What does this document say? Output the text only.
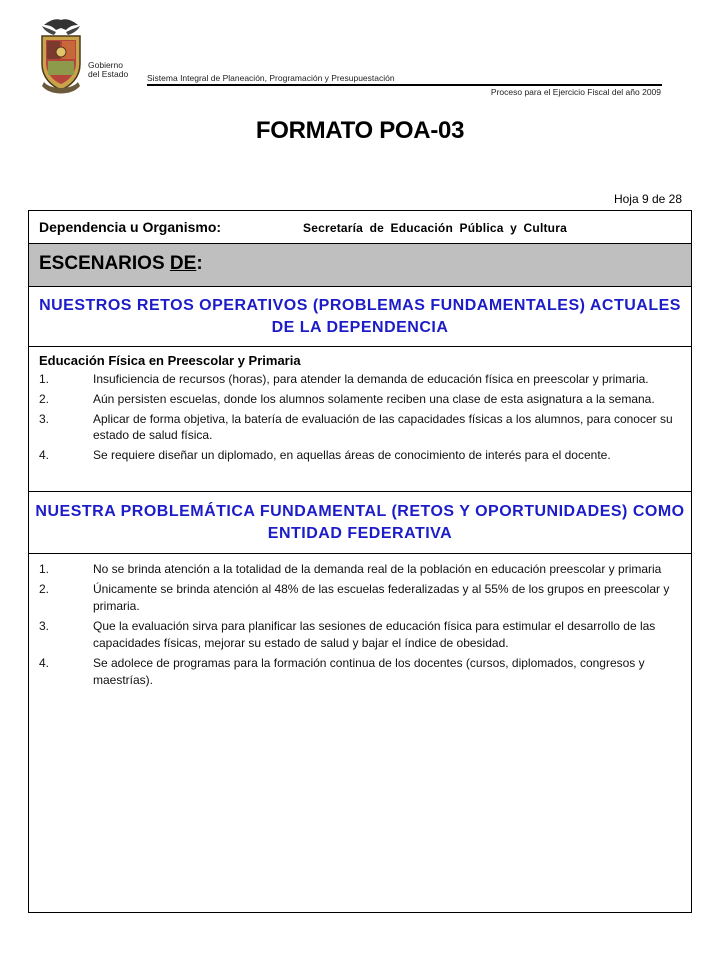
Gobierno
del Estado Sistema Integral de Planeación, Programación y Presupuestación
Proceso para el Ejercicio Fiscal del año 2009
FORMATO POA-03
Hoja 9 de 28
Dependencia u Organismo:	Secretaría de Educación Pública y Cultura
ESCENARIOS DE:
NUESTROS RETOS OPERATIVOS (PROBLEMAS FUNDAMENTALES) ACTUALES DE LA DEPENDENCIA
Educación Física en Preescolar y Primaria
1.	Insuficiencia de recursos (horas), para atender la demanda de educación física en preescolar y primaria.
2.	Aún persisten escuelas, donde los alumnos solamente reciben una clase de esta asignatura a la semana.
3.	Aplicar de forma objetiva, la batería de evaluación de las capacidades físicas a los alumnos, para conocer su estado de salud física.
4.	Se requiere diseñar un diplomado, en aquellas áreas de conocimiento de interés para el docente.
NUESTRA PROBLEMÁTICA FUNDAMENTAL (RETOS Y OPORTUNIDADES) COMO ENTIDAD FEDERATIVA
1.	No se brinda atención a la totalidad de la demanda real de la población en educación preescolar y primaria
2.	Únicamente se brinda atención al 48% de las escuelas federalizadas y al 55% de los grupos en preescolar y primaria.
3.	Que la evaluación sirva para planificar las sesiones de educación física para estimular el desarrollo de las capacidades físicas, mejorar su estado de salud y bajar el índice de obesidad.
4.	Se adolece de programas para la formación continua de los docentes (cursos, diplomados, congresos y maestrías).
